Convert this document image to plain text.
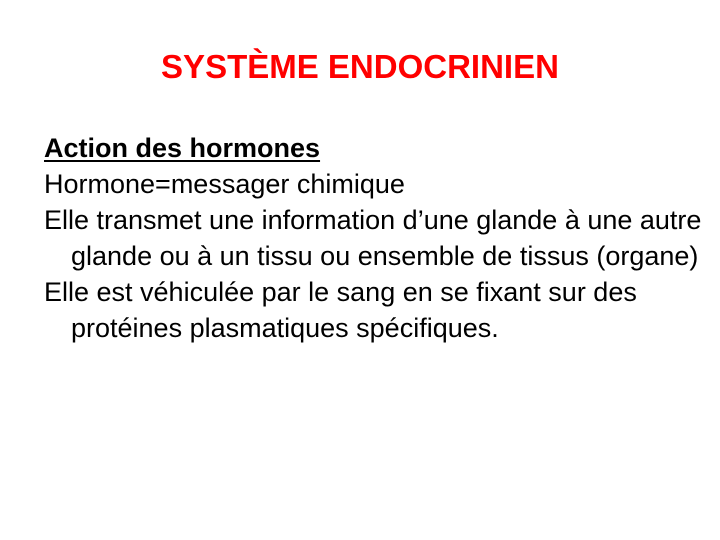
SYSTÈME ENDOCRINIEN

Action des hormones

Hormone=messager chimique

Elle transmet une information d’une glande à une autre glande ou à un tissu ou ensemble de tissus (organe)

Elle est véhiculée par le sang en se fixant sur des protéines plasmatiques spécifiques.
